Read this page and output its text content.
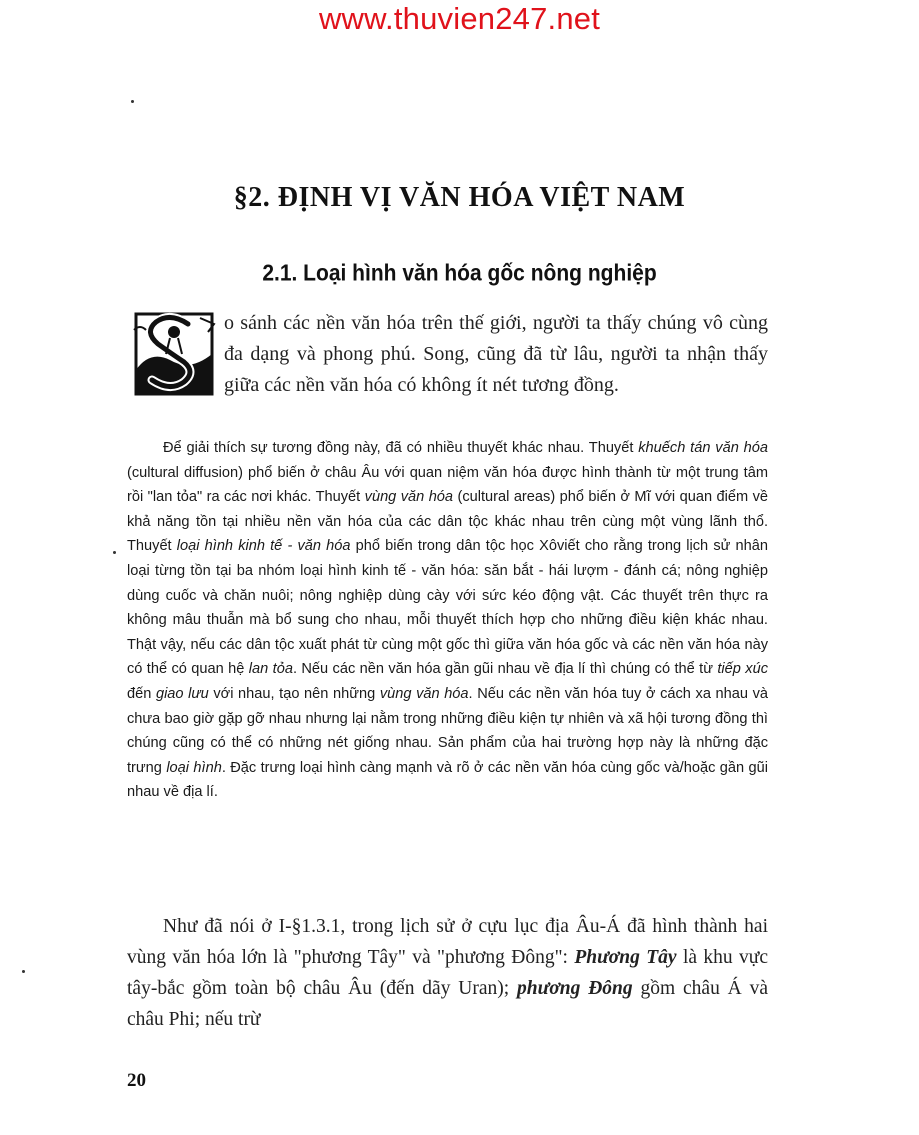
www.thuvien247.net
§2. ĐỊNH VỊ VĂN HÓA VIỆT NAM
2.1. Loại hình văn hóa gốc nông nghiệp
o sánh các nền văn hóa trên thế giới, người ta thấy chúng vô cùng đa dạng và phong phú. Song, cũng đã từ lâu, người ta nhận thấy giữa các nền văn hóa có không ít nét tương đồng.

Để giải thích sự tương đồng này, đã có nhiều thuyết khác nhau. Thuyết khuếch tán văn hóa (cultural diffusion) phổ biến ở châu Âu với quan niệm văn hóa được hình thành từ một trung tâm rồi "lan tỏa" ra các nơi khác. Thuyết vùng văn hóa (cultural areas) phổ biến ở Mĩ với quan điểm về khả năng tồn tại nhiều nền văn hóa của các dân tộc khác nhau trên cùng một vùng lãnh thổ. Thuyết loại hình kinh tế - văn hóa phổ biến trong dân tộc học Xôviết cho rằng trong lịch sử nhân loại từng tồn tại ba nhóm loại hình kinh tế - văn hóa: săn bắt - hái lượm - đánh cá; nông nghiệp dùng cuốc và chăn nuôi; nông nghiệp dùng cày với sức kéo động vật. Các thuyết trên thực ra không mâu thuẫn mà bổ sung cho nhau, mỗi thuyết thích hợp cho những điều kiện khác nhau. Thật vậy, nếu các dân tộc xuất phát từ cùng một gốc thì giữa văn hóa gốc và các nền văn hóa này có thể có quan hệ lan tỏa. Nếu các nền văn hóa gần gũi nhau về địa lí thì chúng có thể từ tiếp xúc đến giao lưu với nhau, tạo nên những vùng văn hóa. Nếu các nền văn hóa tuy ở cách xa nhau và chưa bao giờ gặp gỡ nhau nhưng lại nằm trong những điều kiện tự nhiên và xã hội tương đồng thì chúng cũng có thể có những nét giống nhau. Sản phẩm của hai trường hợp này là những đặc trưng loại hình. Đặc trưng loại hình càng mạnh và rõ ở các nền văn hóa cùng gốc và/hoặc gần gũi nhau về địa lí.

Như đã nói ở I-§1.3.1, trong lịch sử ở cựu lục địa Âu-Á đã hình thành hai vùng văn hóa lớn là "phương Tây" và "phương Đông": Phương Tây là khu vực tây-bắc gồm toàn bộ châu Âu (đến dãy Uran); phương Đông gồm châu Á và châu Phi; nếu trừ

20
